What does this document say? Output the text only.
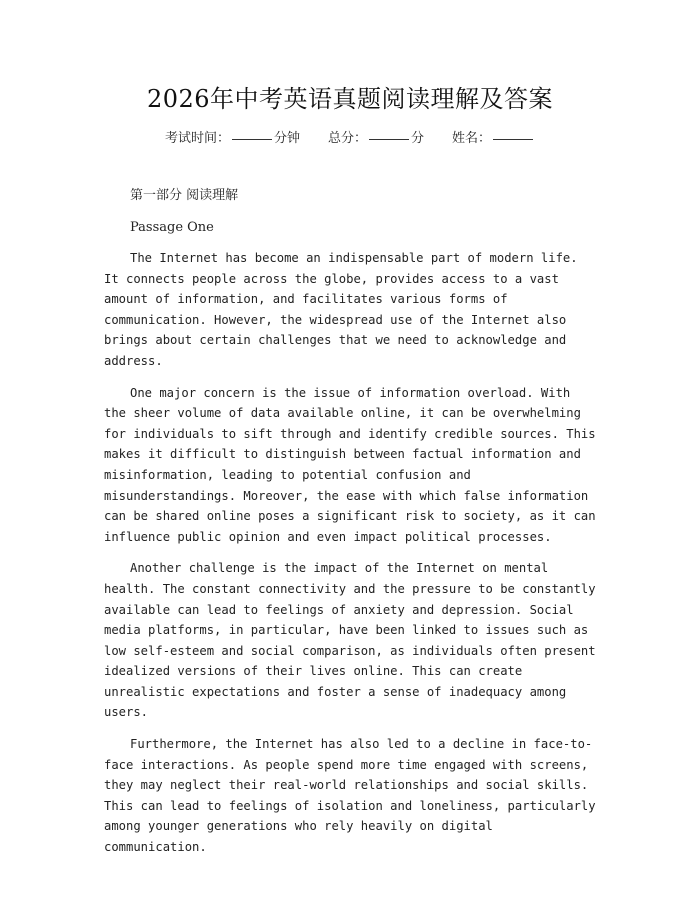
2026年中考英语真题阅读理解及答案
考试时间：	分钟 总分：	分 姓名：
第一部分 阅读理解
Passage One

The Internet has become an indispensable part of modern life. It connects people across the globe, provides access to a vast amount of information, and facilitates various forms of communication. However, the widespread use of the Internet also brings about certain challenges that we need to acknowledge and address.

One major concern is the issue of information overload. With the sheer volume of data available online, it can be overwhelming for individuals to sift through and identify credible sources. This makes it difficult to distinguish between factual information and misinformation, leading to potential confusion and misunderstandings. Moreover, the ease with which false information can be shared online poses a significant risk to society, as it can influence public opinion and even impact political processes.

Another challenge is the impact of the Internet on mental health. The constant connectivity and the pressure to be constantly available can lead to feelings of anxiety and depression. Social media platforms, in particular, have been linked to issues such as low self-esteem and social comparison, as individuals often present idealized versions of their lives online. This can create unrealistic expectations and foster a sense of inadequacy among users.

Furthermore, the Internet has also led to a decline in face-to-face interactions. As people spend more time engaged with screens, they may neglect their real-world relationships and social skills. This can lead to feelings of isolation and loneliness, particularly among younger generations who rely heavily on digital communication.
